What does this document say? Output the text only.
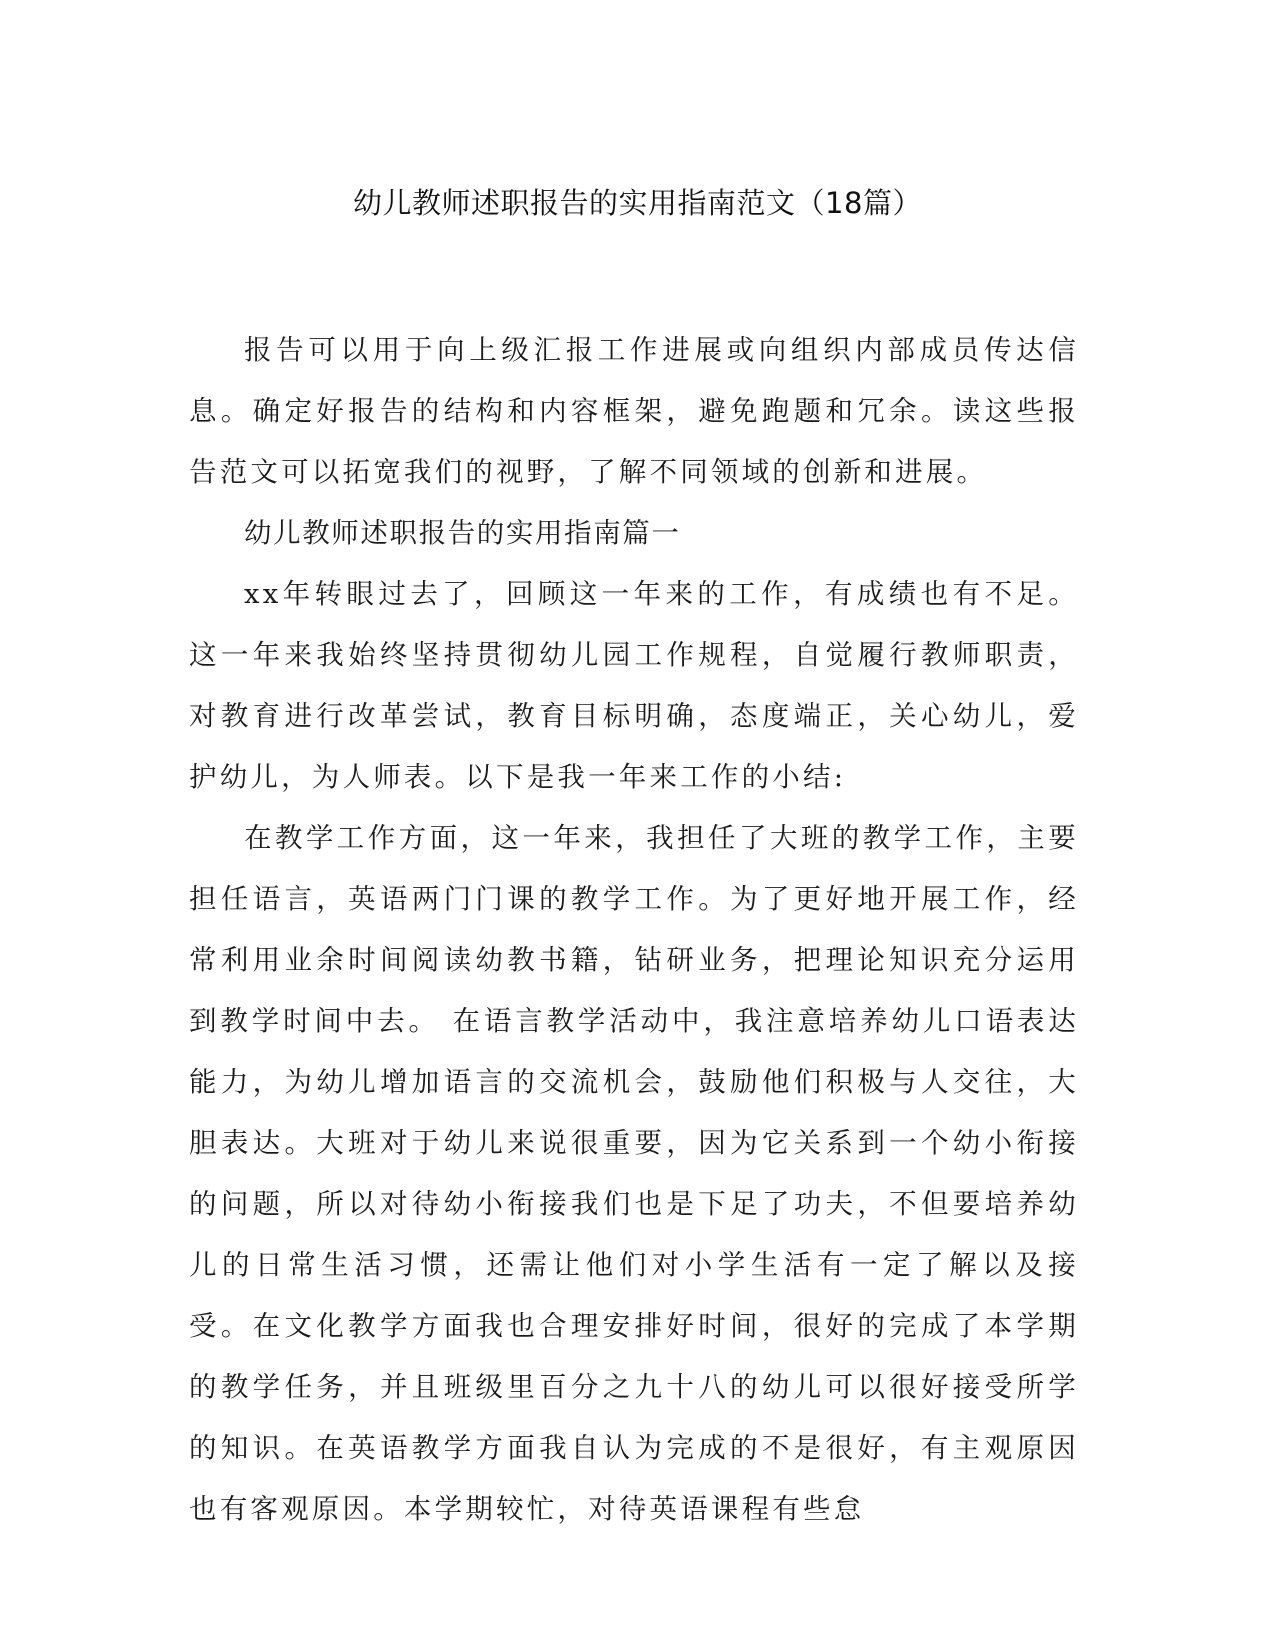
幼儿教师述职报告的实用指南范文（18篇）

报告可以用于向上级汇报工作进展或向组织内部成员传达信息。确定好报告的结构和内容框架，避免跑题和冗余。读这些报告范文可以拓宽我们的视野，了解不同领域的创新和进展。

幼儿教师述职报告的实用指南篇一

xx年转眼过去了，回顾这一年来的工作，有成绩也有不足。这一年来我始终坚持贯彻幼儿园工作规程，自觉履行教师职责，对教育进行改革尝试，教育目标明确，态度端正，关心幼儿，爱护幼儿，为人师表。以下是我一年来工作的小结:

在教学工作方面，这一年来，我担任了大班的教学工作，主要担任语言，英语两门门课的教学工作。为了更好地开展工作，经常利用业余时间阅读幼教书籍，钻研业务，把理论知识充分运用到教学时间中去。 在语言教学活动中，我注意培养幼儿口语表达能力，为幼儿增加语言的交流机会，鼓励他们积极与人交往，大胆表达。大班对于幼儿来说很重要，因为它关系到一个幼小衔接的问题，所以对待幼小衔接我们也是下足了功夫，不但要培养幼儿的日常生活习惯，还需让他们对小学生活有一定了解以及接受。在文化教学方面我也合理安排好时间，很好的完成了本学期的教学任务，并且班级里百分之九十八的幼儿可以很好接受所学的知识。在英语教学方面我自认为完成的不是很好，有主观原因也有客观原因。本学期较忙，对待英语课程有些怠
